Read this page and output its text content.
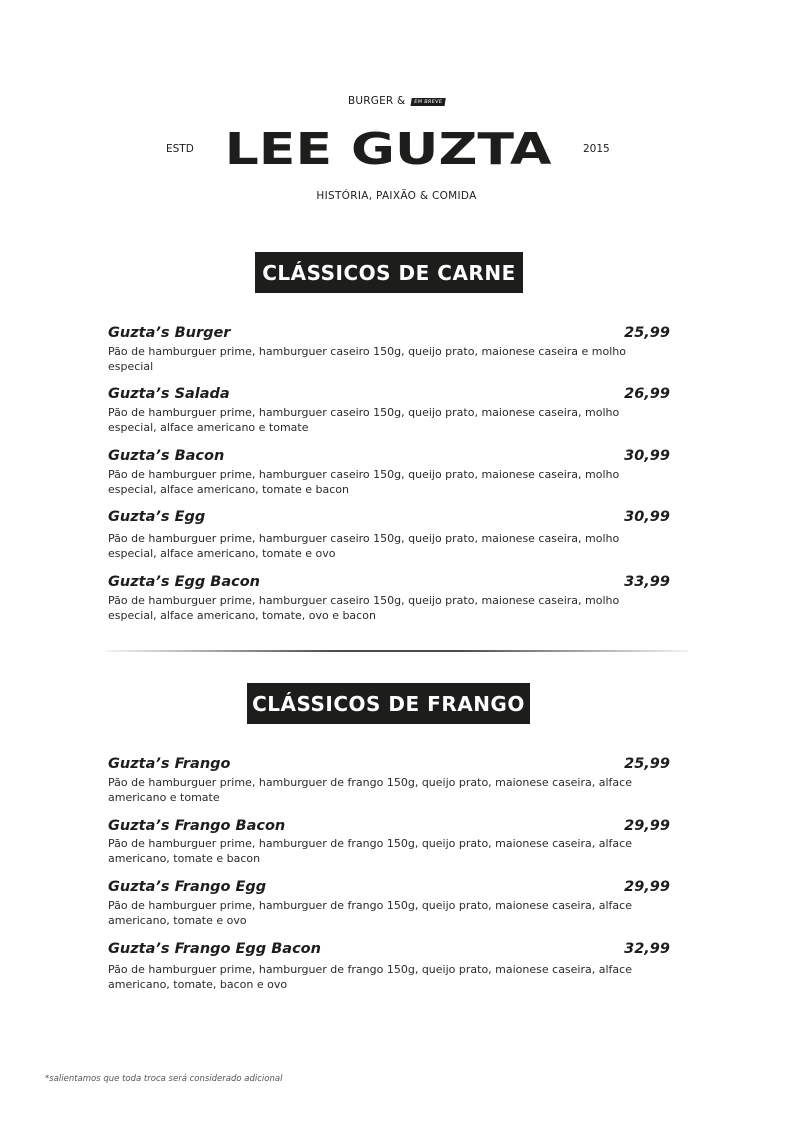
BURGER & EM BREVE
ESTD LEE GUZTA	2015
HISTÓRIA, PAIXÃO & COMIDA
CLÁSSICOS DE CARNE
Guzta’s Burger	25,99
Pão de hamburguer prime, hamburguer caseiro 150g, queijo prato, maionese caseira e molho especial
Guzta’s Salada	26,99
Pão de hamburguer prime, hamburguer caseiro 150g, queijo prato, maionese caseira, molho especial, alface americano e tomate
Guzta’s Bacon	30,99
Pão de hamburguer prime, hamburguer caseiro 150g, queijo prato, maionese caseira, molho especial, alface americano, tomate e bacon
Guzta’s Egg	30,99
Pão de hamburguer prime, hamburguer caseiro 150g, queijo prato, maionese caseira, molho especial, alface americano, tomate e ovo
Guzta’s Egg Bacon	33,99
Pão de hamburguer prime, hamburguer caseiro 150g, queijo prato, maionese caseira, molho especial, alface americano, tomate, ovo e bacon
CLÁSSICOS DE FRANGO
Guzta’s Frango	25,99
Pão de hamburguer prime, hamburguer de frango 150g, queijo prato, maionese caseira, alface americano e tomate
Guzta’s Frango Bacon	29,99
Pão de hamburguer prime, hamburguer de frango 150g, queijo prato, maionese caseira, alface americano, tomate e bacon
Guzta’s Frango Egg	29,99
Pão de hamburguer prime, hamburguer de frango 150g, queijo prato, maionese caseira, alface americano, tomate e ovo
Guzta’s Frango Egg Bacon	32,99
Pão de hamburguer prime, hamburguer de frango 150g, queijo prato, maionese caseira, alface americano, tomate, bacon e ovo
*salientamos que toda troca será considerado adicional
